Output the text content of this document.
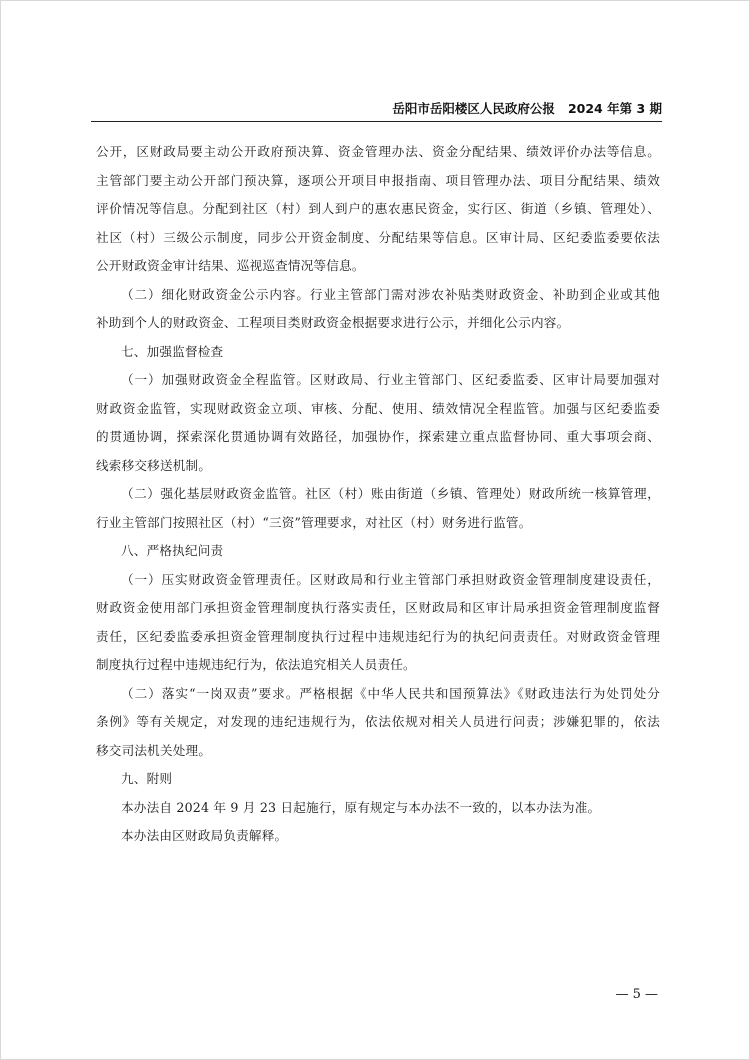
岳阳市岳阳楼区人民政府公报 2024 年第 3 期
公开，区财政局要主动公开政府预决算、资金管理办法、资金分配结果、绩效评价办法等信息。
主管部门要主动公开部门预决算，逐项公开项目申报指南、项目管理办法、项目分配结果、绩效
评价情况等信息。分配到社区（村）到人到户的惠农惠民资金，实行区、街道（乡镇、管理处）、
社区（村）三级公示制度，同步公开资金制度、分配结果等信息。区审计局、区纪委监委要依法
公开财政资金审计结果、巡视巡查情况等信息。
（二）细化财政资金公示内容。行业主管部门需对涉农补贴类财政资金、补助到企业或其他
补助到个人的财政资金、工程项目类财政资金根据要求进行公示，并细化公示内容。
七、加强监督检查
（一）加强财政资金全程监管。区财政局、行业主管部门、区纪委监委、区审计局要加强对
财政资金监管，实现财政资金立项、审核、分配、使用、绩效情况全程监管。加强与区纪委监委
的贯通协调，探索深化贯通协调有效路径，加强协作，探索建立重点监督协同、重大事项会商、
线索移交移送机制。
（二）强化基层财政资金监管。社区（村）账由街道（乡镇、管理处）财政所统一核算管理，
行业主管部门按照社区（村）“三资”管理要求，对社区（村）财务进行监管。
八、严格执纪问责
（一）压实财政资金管理责任。区财政局和行业主管部门承担财政资金管理制度建设责任，
财政资金使用部门承担资金管理制度执行落实责任，区财政局和区审计局承担资金管理制度监督
责任，区纪委监委承担资金管理制度执行过程中违规违纪行为的执纪问责责任。对财政资金管理
制度执行过程中违规违纪行为，依法追究相关人员责任。
（二）落实“一岗双责”要求。严格根据《中华人民共和国预算法》《财政违法行为处罚处分
条例》等有关规定，对发现的违纪违规行为，依法依规对相关人员进行问责；涉嫌犯罪的，依法
移交司法机关处理。
九、附则
本办法自 2024 年 9 月 23 日起施行，原有规定与本办法不一致的，以本办法为准。
本办法由区财政局负责解释。
— 5 —
